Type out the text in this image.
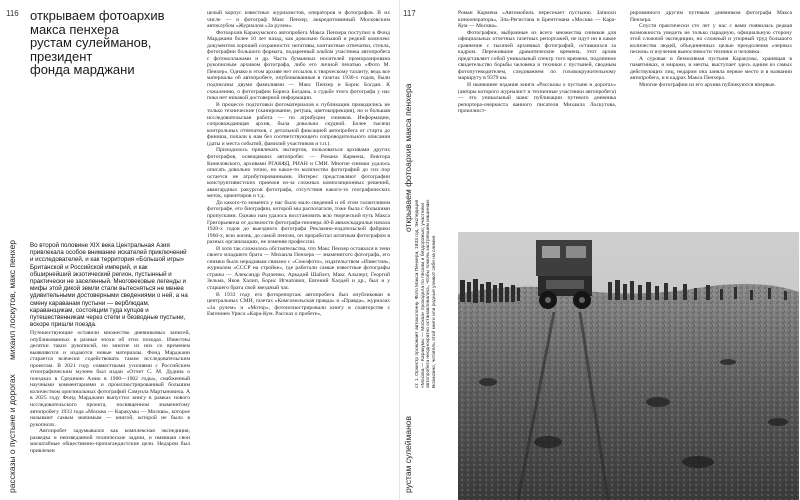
116
михаил лоскутов, макс пенхер
рассказы о пустыне и дорогах
открываем фотоархив
макса пенхера
рустам сулейманов,
президент
фонда марджани

Во второй половине XIX века Центральная Азия привлекала особое внимание искателей приключений и исследователей, и как территория «Большой игры» Британской и Российской империй, и как обширнейший экзотический регион, пустынный и практически не заселенный. Многовековые легенды и мифы этой дикой земли стали вытесняться не менее удивительными достоверными сведениями о ней, а на смену караванам пустыни — верблюдам, караванщикам, состоящим туда купцов и путешественникам через степи и безводные пустыни, вскоре пришли поезда.

Путешествующие оставили множество дневниковых записей, опубликованных в разные эпохи об этих походах. Известны десятки таких рукописей, но многие из них со временем выявляются и издаются новые материалы. Фонд Марджани старается всячески содействовать таким исследовательским проектам. В 2021 году совместными усилиями с Российским этнографическим музеем был издан «Отчет С. М. Дудина о поездках в Среднюю Азию в 1900—1902 годы», снабженный научными комментариями и проиллюстрированный большим количеством оригинальных фотографий Самуила Мартыновича. А в 2025 году Фонд Марджани выпустил книгу в рамках нового исследовательского проекта, посвященном знаменитому автопробегу 1933 года «Москва — Каракумы — Москва», которое называют самым значимым — книгой, которой не было в рукописях.

Автопробег задумывался как комплексная экспедиция, разведка и неизведанной технические задачи, и имевшая свои масштабные общественно-пропагандистские цели. Недаром был привлечен

целый корпус известных журналистов, операторов и фотографов. В их числе — и фотограф Макс Пенхер, аккредитованный Московским автоклубом «Журналом «За рулем».

Фотоархив Каракумского автопробега Макса Пенхера поступил в Фонд Марджани более 10 лет назад, как довольно большой и редкий комплекс документов хорошей сохранности: негативы, контактные отпечатки, стекла, фотографии большого формата, подаренный альбом участника автопробега с фотоколлажами и др. Часть бумажных носителей проморазирована рукописным архивом фотографа, либо его личной печатью «Фото М. Пенхер». Однако в этом архиве нет отсылок к творческому таланту, ведь все материалы об автопробеге, опубликованные в газетах 1930-х годов, были подписаны двумя фамилиями — Макс Пенхер и Борис Богдан. К сожалению, о фотографии Бориса Богдана, о судьбе этого фотографа у нас пока нет никакой достоверной информации.

В процессе подготовки фотоматериалов к публикации проводились не только технические (сканирование, ретушь, цветокоррекция), но и большая исследовательская работа — по атрибуции снимков. Информации, сопровождающая архив, была довольно скудной. Более тысячи контрольных отпечатков, с детальной фиксацией автопробега от старта до финиша, попали к нам без соответствующего сопроводительного описания (даты и места событий, фамилий участников и т.п.).

Приходилось привлекать экспертов, пользоваться архивами других фотографов, освещавших автопробег. — Романа Кармена, Виктора Кинеловского, архивами РГАКФД, РИАН и СМИ. Многие снимки удалось описать довольно точно, но какое-то количество фотографий до сих пор остается не атрибутированными. Интерес представляют фотографии конструктивистских приемов из-за сложных композиционных решений, авангардных ракурсов фотографа, отсутствия какого-то географических меток, ориентиров и т.д.

До какого-то момента у нас было мало сведений и об этом талантливом фотографе, его биографии, которой мы располагали, тоже была с большими пропусками. Однако нам удалось восстановить всю творческий путь Макса Григорьевича от должности фотографа-пионера 40-й авиаэскадрильи начала 1920-х годов до выездного фотографа Рекламно-издательской фабрики 1960-х, всю жизнь, до самой пенсии, он проработал штатным фотографом в разных организациях, не изменяя профессии.

И хотя так сложилось обстоятельства, что Макс Пенхер оставался в тени своего младшего брата — Михаила Пенхера — знаменитого фотографа, его снимки было нерадивым связано с «Союзфото», издательством «Известия», журналом «СССР на стройке», где работали самые известные фотографы страны — Александр Родченко, Аркадий Шайхет, Макс Альперт, Георгий Зельма, Яков Халип, Борис Игнатович, Евгений Халдей и др., был и у старшего брата свой звездный час.

В 1933 году его фоторепортаж автопробега был опубликован в центральных СМИ, газетах «Комсомольская правда» и «Правда», журналах «За рулем» и «Мотор», фотоиллюстрировали книгу в соавторстве с Евгением Уриса «Кара-Кум. Рассказ о пробеге»,

117
открываем фотоархив макса пенхера
рустам сулейманов

Роман Кармена «Автомобиль пересекает пустыню. Записки кинооператора», Эль-Регистана и Брентгмана «Москва — Кара-Кум — Москва».

Фотографии, выбранные из всего множества снимков для официальных отчетных газетных репортажей, не идут ни в какое сравнение с тысячей архивных фотографий, оставшихся за кадром. Пережившие драматические времена, этот архив представляет собой уникальный спектр того времени, подлинное свидетельство борьбы человека и техники с пустыней, сводным фотопутеводителем, следованием по головокружительному маршруту в 9379 км.

И нынешнее издание книги «Рассказы о пустыне и дорогах» (авторы которого журналист и техничные участники автопробега) — это уникальный шанс публикации путевого дневника репортера-очеркиста ванного писателя Михаила Лоскутова, проиллюст-

рированного другим путевым дневником фотографа Макса Пенхера.

Спустя практически сто лет у нас с вами появилась редкая возможность увидеть не только парадную, официальную сторону этой сложной экспедиции, но сложный и упорный труд большого количества людей, объединенных целью преодоления «черных песков» и изучения выносливости техники и человека.

А суровая и безмолвная пустыня Каракумы, хранящая в памятниках, и миражи, и мечты, выступает здесь одним из самых действующих лиц, недаром она заняла первое место и в названии автопробега, и в кадрах Макса Пенхера.

Многие фотографии из его архива публикуются впервые.

ст. 1. Оркестр провожает автоколонну. Фото Макса Пенхера, 1933 год. Экспедиция «Москва — Каракумы — Москва» проходила по пескам и бездорожью; участники автопробега неоднократно останавливались, чтобы помочь застрявшим машинам. Возможно, читатель этой книги или родные узнают себя на снимке.
